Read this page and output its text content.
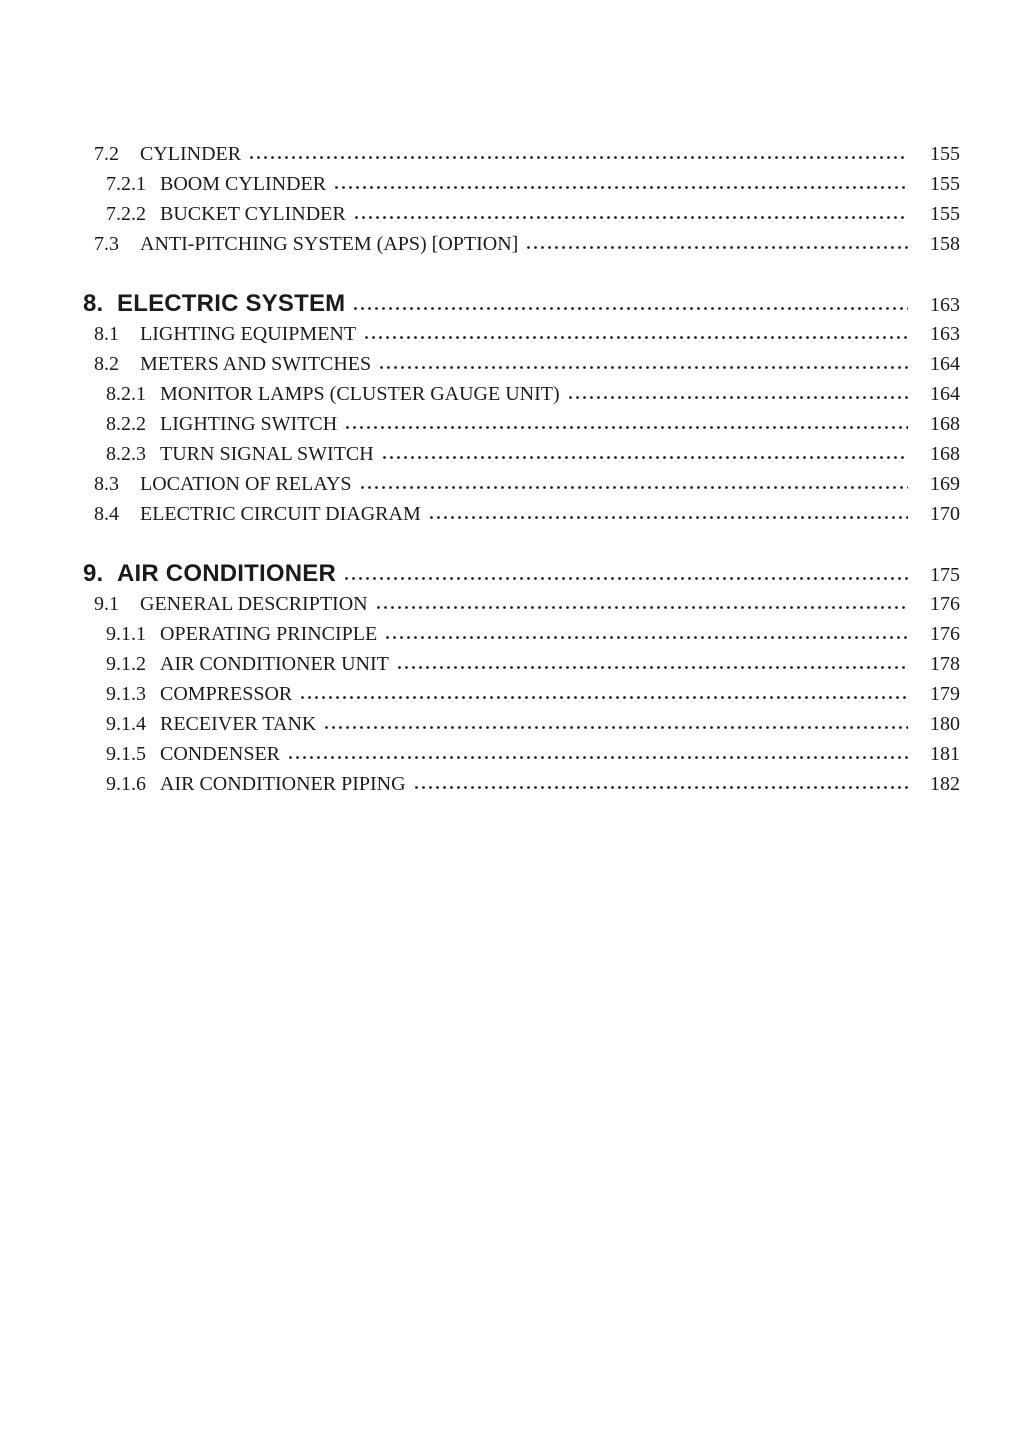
7.2	CYLINDER	155
7.2.1 BOOM CYLINDER	155
7.2.2 BUCKET CYLINDER	155
7.3	ANTI-PITCHING SYSTEM (APS) [OPTION]	158
8. ELECTRIC SYSTEM	163
8.1	LIGHTING EQUIPMENT	163
8.2	METERS AND SWITCHES	164
8.2.1 MONITOR LAMPS (CLUSTER GAUGE UNIT)	164
8.2.2 LIGHTING SWITCH	168
8.2.3 TURN SIGNAL SWITCH	168
8.3	LOCATION OF RELAYS	169
8.4	ELECTRIC CIRCUIT DIAGRAM	170
9. AIR CONDITIONER	175
9.1	GENERAL DESCRIPTION	176
9.1.1 OPERATING PRINCIPLE	176
9.1.2 AIR CONDITIONER UNIT	178
9.1.3 COMPRESSOR	179
9.1.4 RECEIVER TANK	180
9.1.5 CONDENSER	181
9.1.6 AIR CONDITIONER PIPING	182
